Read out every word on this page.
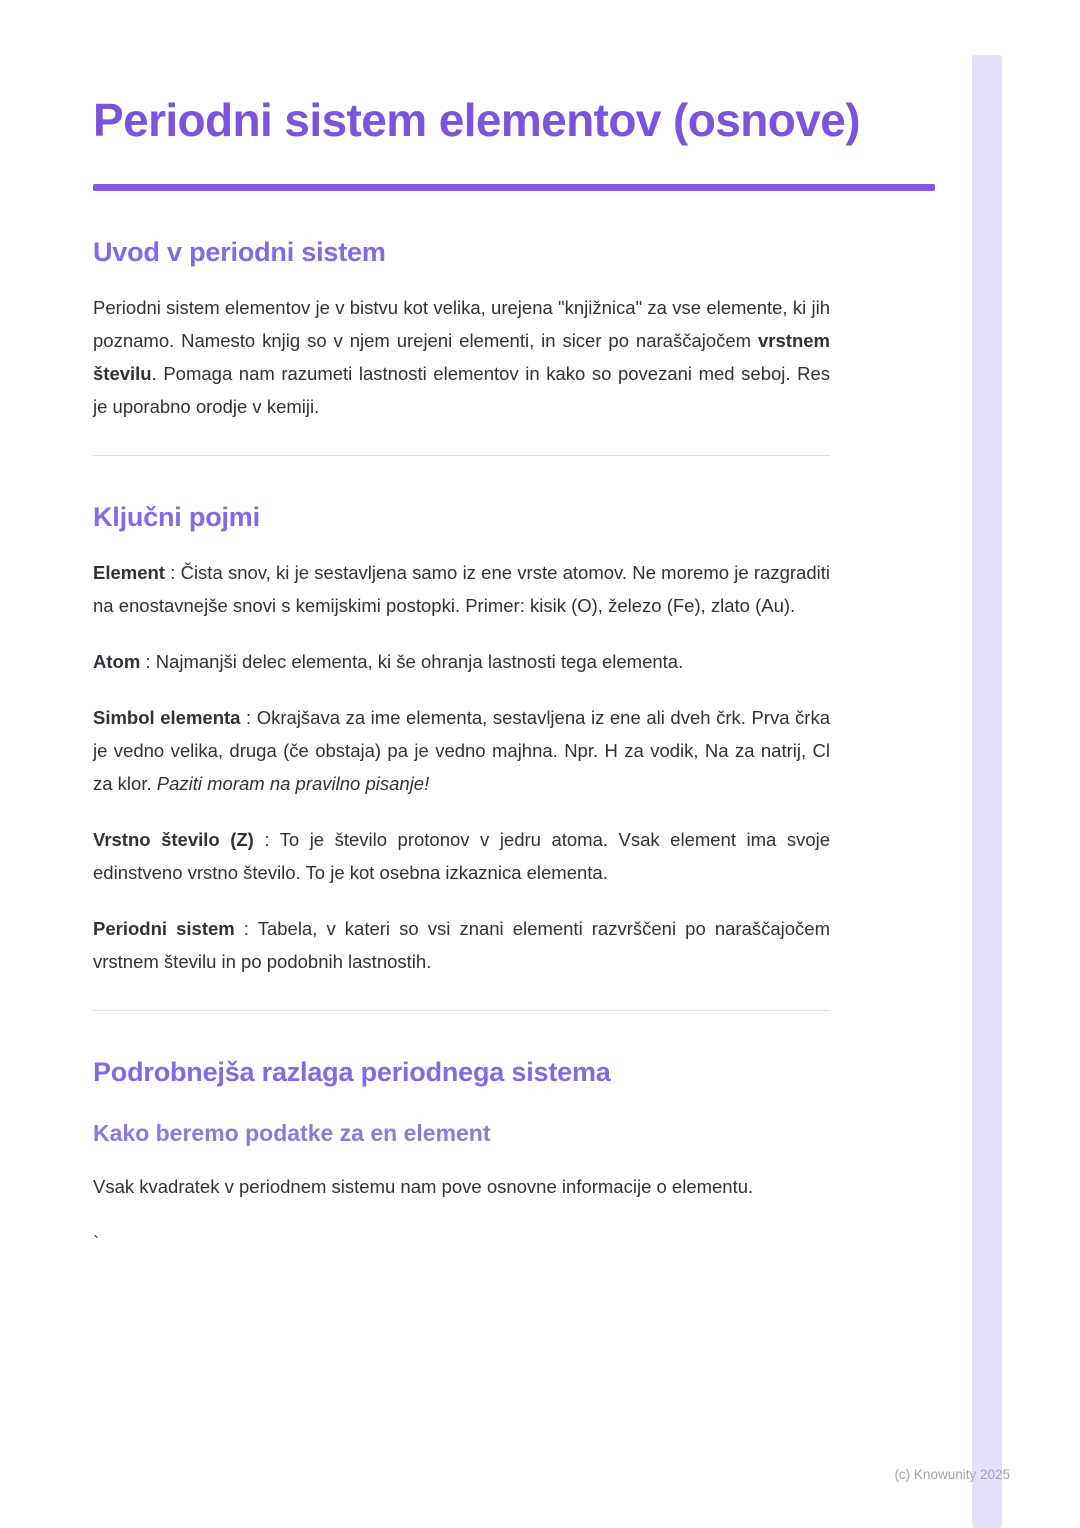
Periodni sistem elementov (osnove)
Uvod v periodni sistem

Periodni sistem elementov je v bistvu kot velika, urejena "knjižnica" za vse elemente, ki jih poznamo. Namesto knjig so v njem urejeni elementi, in sicer po naraščajočem vrstnem številu. Pomaga nam razumeti lastnosti elementov in kako so povezani med seboj. Res je uporabno orodje v kemiji.

Ključni pojmi

Element : Čista snov, ki je sestavljena samo iz ene vrste atomov. Ne moremo je razgraditi na enostavnejše snovi s kemijskimi postopki. Primer: kisik (O), železo (Fe), zlato (Au).

Atom : Najmanjši delec elementa, ki še ohranja lastnosti tega elementa.

Simbol elementa : Okrajšava za ime elementa, sestavljena iz ene ali dveh črk. Prva črka je vedno velika, druga (če obstaja) pa je vedno majhna. Npr. H za vodik, Na za natrij, Cl za klor. Paziti moram na pravilno pisanje!

Vrstno število (Z) : To je število protonov v jedru atoma. Vsak element ima svoje edinstveno vrstno število. To je kot osebna izkaznica elementa.

Periodni sistem : Tabela, v kateri so vsi znani elementi razvrščeni po naraščajočem vrstnem številu in po podobnih lastnostih.

Podrobnejša razlaga periodnega sistema
Kako beremo podatke za en element

Vsak kvadratek v periodnem sistemu nam pove osnovne informacije o elementu.

`

(c) Knowunity 2025
